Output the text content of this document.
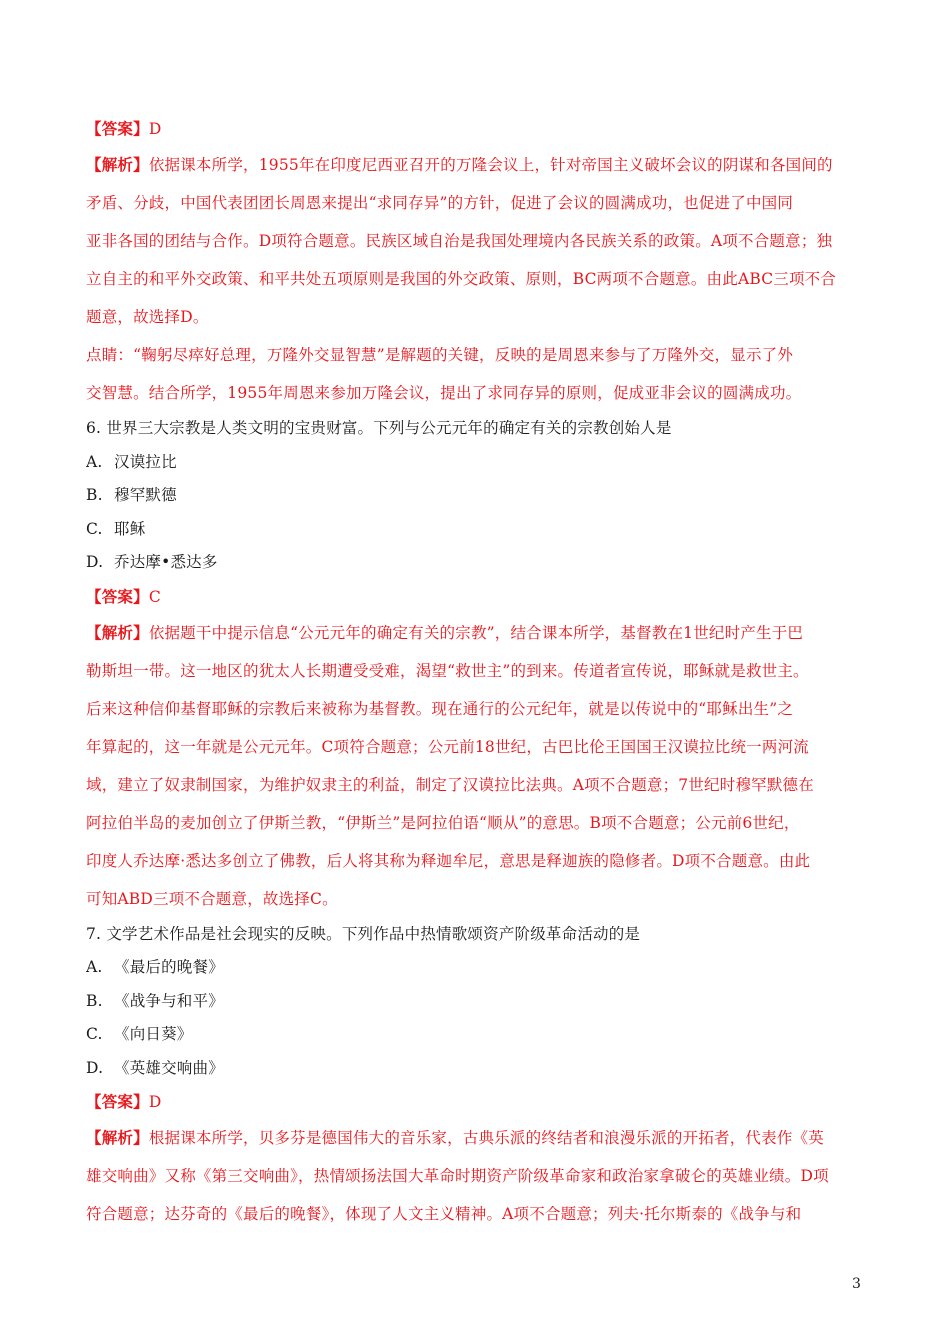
【答案】D
【解析】依据课本所学，1955年在印度尼西亚召开的万隆会议上，针对帝国主义破坏会议的阴谋和各国间的
矛盾、分歧，中国代表团团长周恩来提出“求同存异”的方针，促进了会议的圆满成功，也促进了中国同
亚非各国的团结与合作。D项符合题意。民族区域自治是我国处理境内各民族关系的政策。A项不合题意；独
立自主的和平外交政策、和平共处五项原则是我国的外交政策、原则，BC两项不合题意。由此ABC三项不合
题意，故选择D。
点睛：“鞠躬尽瘁好总理，万隆外交显智慧”是解题的关键，反映的是周恩来参与了万隆外交，显示了外
交智慧。结合所学，1955年周恩来参加万隆会议，提出了求同存异的原则，促成亚非会议的圆满成功。
6. 世界三大宗教是人类文明的宝贵财富。下列与公元元年的确定有关的宗教创始人是
A. 汉谟拉比
B. 穆罕默德
C. 耶稣
D. 乔达摩•悉达多
【答案】C
【解析】依据题干中提示信息“公元元年的确定有关的宗教”，结合课本所学，基督教在1世纪时产生于巴
勒斯坦一带。这一地区的犹太人长期遭受受难，渴望“救世主”的到来。传道者宣传说，耶稣就是救世主。
后来这种信仰基督耶稣的宗教后来被称为基督教。现在通行的公元纪年，就是以传说中的“耶稣出生”之
年算起的，这一年就是公元元年。C项符合题意；公元前18世纪，古巴比伦王国国王汉谟拉比统一两河流
域，建立了奴隶制国家，为维护奴隶主的利益，制定了汉谟拉比法典。A项不合题意；7世纪时穆罕默德在
阿拉伯半岛的麦加创立了伊斯兰教，“伊斯兰”是阿拉伯语“顺从”的意思。B项不合题意；公元前6世纪，
印度人乔达摩·悉达多创立了佛教，后人将其称为释迦牟尼，意思是释迦族的隐修者。D项不合题意。由此
可知ABD三项不合题意，故选择C。
7. 文学艺术作品是社会现实的反映。下列作品中热情歌颂资产阶级革命活动的是
A. 《最后的晚餐》
B. 《战争与和平》
C. 《向日葵》
D. 《英雄交响曲》
【答案】D
【解析】根据课本所学，贝多芬是德国伟大的音乐家，古典乐派的终结者和浪漫乐派的开拓者，代表作《英
雄交响曲》又称《第三交响曲》，热情颂扬法国大革命时期资产阶级革命家和政治家拿破仑的英雄业绩。D项
符合题意；达芬奇的《最后的晚餐》，体现了人文主义精神。A项不合题意；列夫·托尔斯泰的《战争与和
3
